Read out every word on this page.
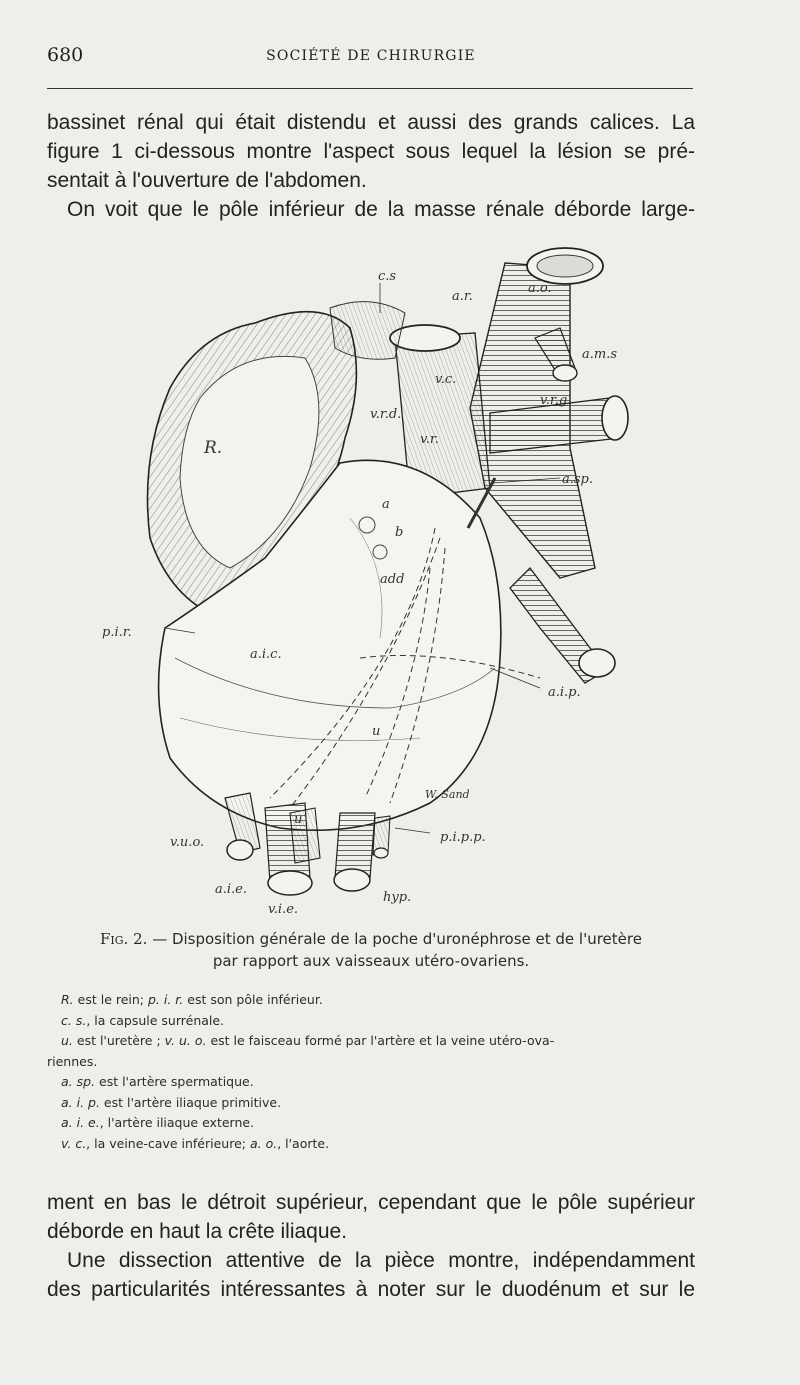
680	SOCIÉTÉ DE CHIRURGIE
bassinet rénal qui était distendu et aussi des grands calices. La
figure 1 ci-dessous montre l'aspect sous lequel la lésion se pré-
sentait à l'ouverture de l'abdomen.
On voit que le pôle inférieur de la masse rénale déborde large-
c.s
a.r.
a.o.
a.m.s
v.c.
v.r.g.
v.r.d.
v.r.
R.
a.sp.
a
b
add
p.i.r.
a.i.c.
u
a.i.p.
W. Sand
v.u.o.
u
p.i.p.p.
a.i.e.
v.i.e.
hyp.
Fig. 2. — Disposition générale de la poche d'uronéphrose et de l'uretère
par rapport aux vaisseaux utéro-ovariens.
R. est le rein; p. i. r. est son pôle inférieur.
c. s., la capsule surrénale.
u. est l'uretère ; v. u. o. est le faisceau formé par l'artère et la veine utéro-ova-
riennes.
a. sp. est l'artère spermatique.
a. i. p. est l'artère iliaque primitive.
a. i. e., l'artère iliaque externe.
v. c., la veine-cave inférieure; a. o., l'aorte.
ment en bas le détroit supérieur, cependant que le pôle supérieur
déborde en haut la crête iliaque.
Une dissection attentive de la pièce montre, indépendamment
des particularités intéressantes à noter sur le duodénum et sur le
